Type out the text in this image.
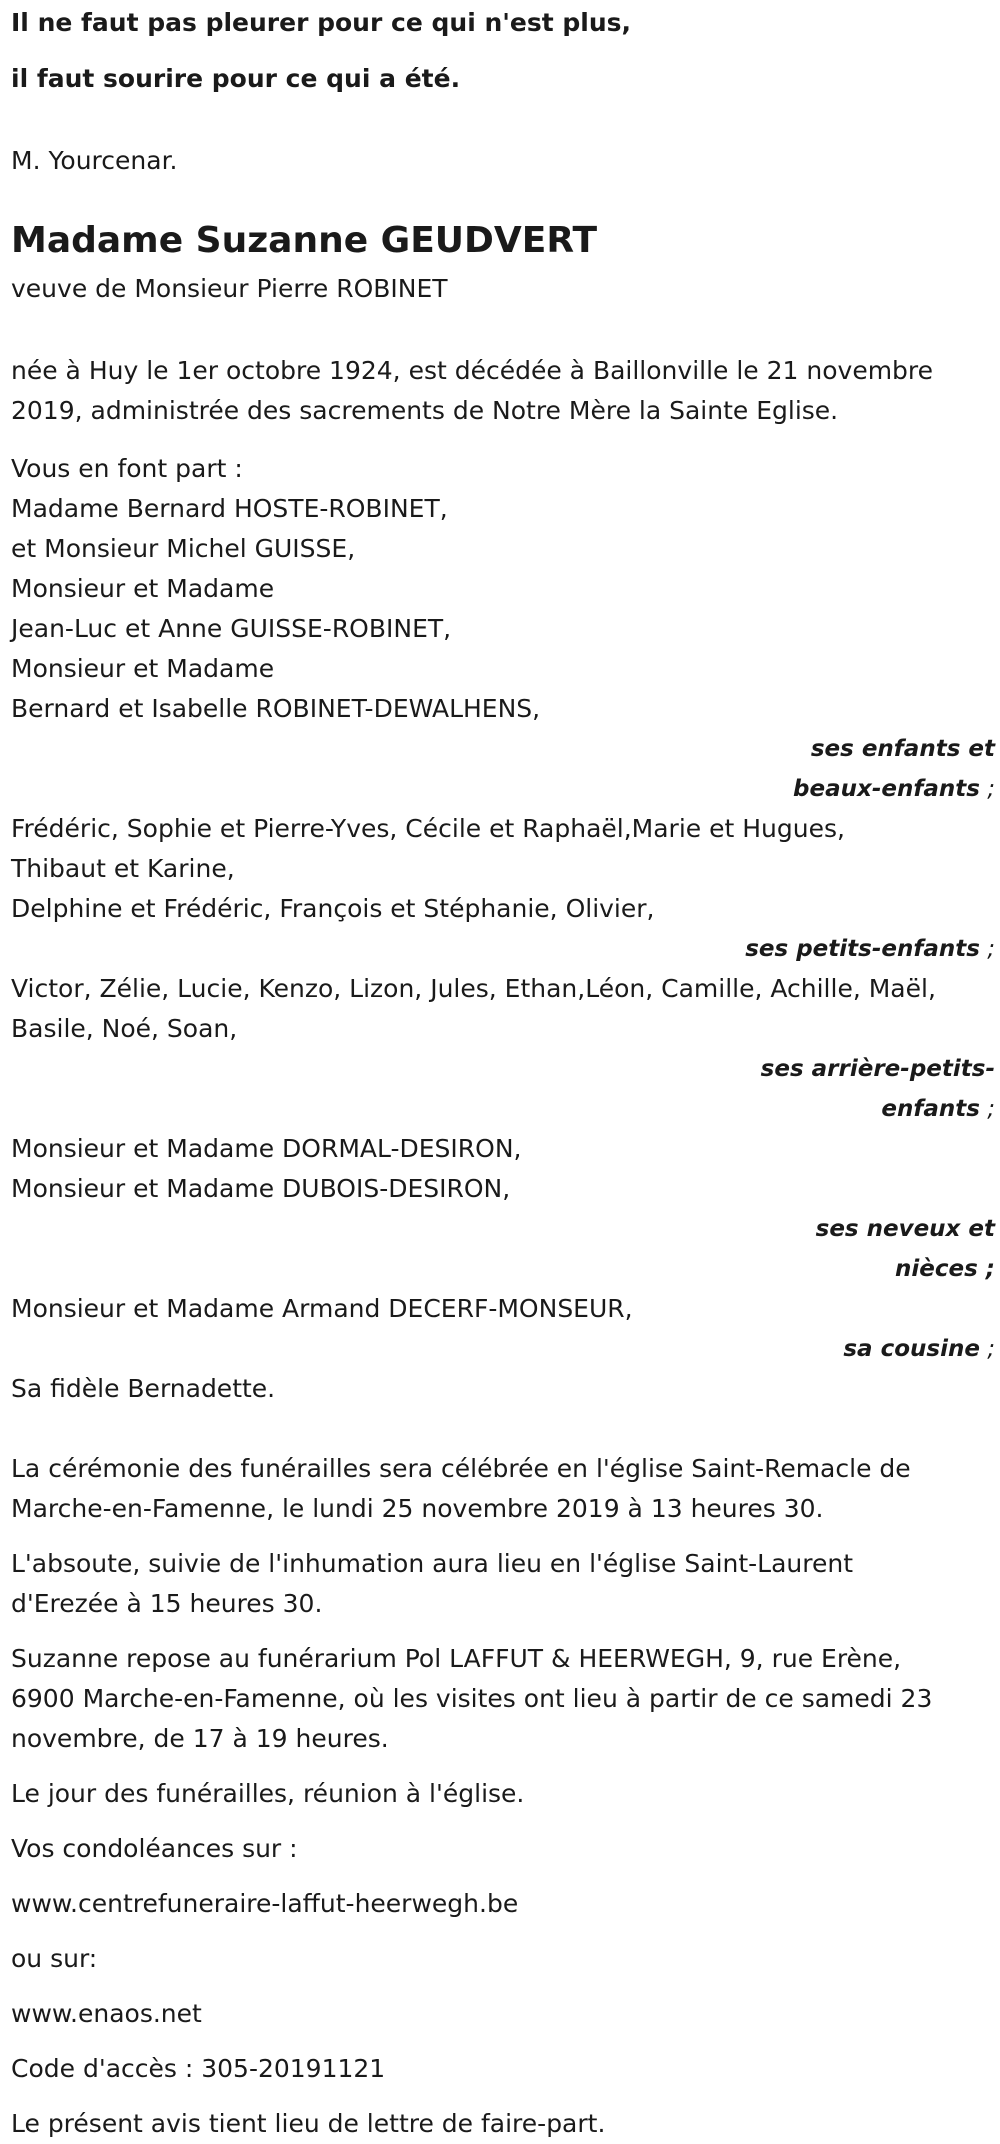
Il ne faut pas pleurer pour ce qui n'est plus,

il faut sourire pour ce qui a été.

M. Yourcenar.

Madame Suzanne GEUDVERT

veuve de Monsieur Pierre ROBINET

née à Huy le 1er octobre 1924, est décédée à Baillonville le 21 novembre
2019, administrée des sacrements de Notre Mère la Sainte Eglise.
Vous en font part :
Madame Bernard HOSTE-ROBINET,
et Monsieur Michel GUISSE,
Monsieur et Madame
Jean-Luc et Anne GUISSE-ROBINET,
Monsieur et Madame
Bernard et Isabelle ROBINET-DEWALHENS,
ses enfants et
beaux-enfants ;
Frédéric, Sophie et Pierre-Yves, Cécile et Raphaël,Marie et Hugues,
Thibaut et Karine,
Delphine et Frédéric, François et Stéphanie, Olivier,
ses petits-enfants ;
Victor, Zélie, Lucie, Kenzo, Lizon, Jules, Ethan,Léon, Camille, Achille, Maël,
Basile, Noé, Soan,
ses arrière-petits-
enfants ;
Monsieur et Madame DORMAL-DESIRON,
Monsieur et Madame DUBOIS-DESIRON,
ses neveux et
nièces ;
Monsieur et Madame Armand DECERF-MONSEUR,
sa cousine ;
Sa fidèle Bernadette.
La cérémonie des funérailles sera célébrée en l'église Saint-Remacle de
Marche-en-Famenne, le lundi 25 novembre 2019 à 13 heures 30.
L'absoute, suivie de l'inhumation aura lieu en l'église Saint-Laurent
d'Erezée à 15 heures 30.
Suzanne repose au funérarium Pol LAFFUT & HEERWEGH, 9, rue Erène,
6900 Marche-en-Famenne, où les visites ont lieu à partir de ce samedi 23
novembre, de 17 à 19 heures.
Le jour des funérailles, réunion à l'église.
Vos condoléances sur :
www.centrefuneraire-laffut-heerwegh.be
ou sur:
www.enaos.net
Code d'accès : 305-20191121
Le présent avis tient lieu de lettre de faire-part.
